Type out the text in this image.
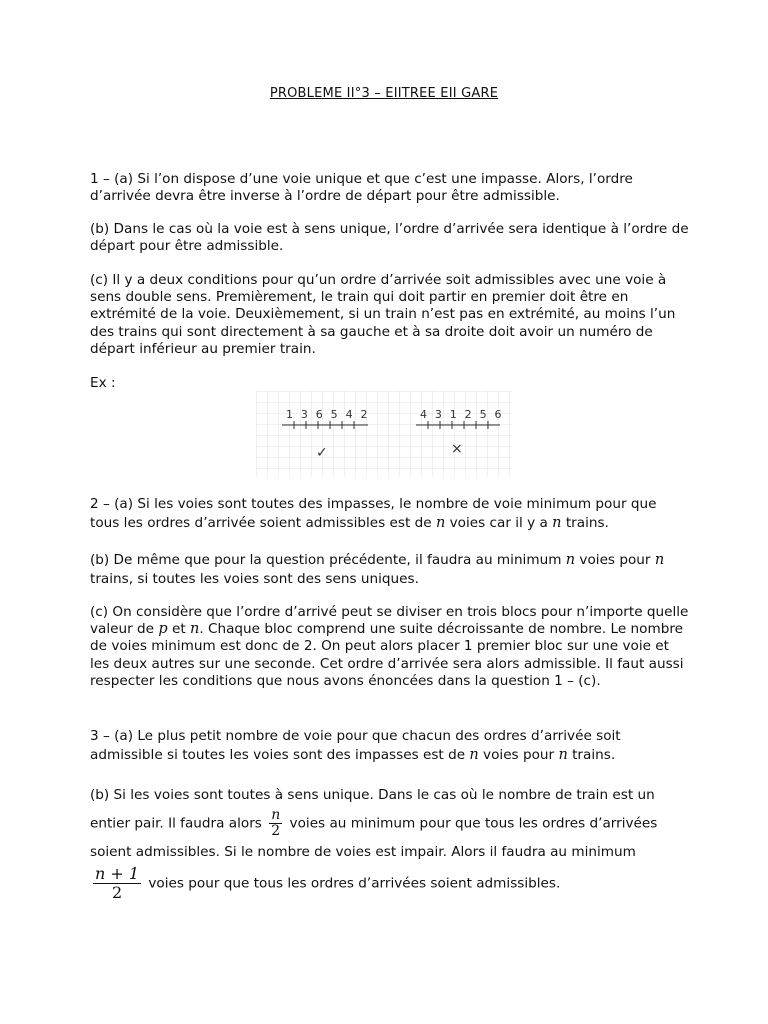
PROBLEME II°3 – EIITREE EII GARE

1 – (a) Si l’on dispose d’une voie unique et que c’est une impasse. Alors, l’ordre d’arrivée devra être inverse à l’ordre de départ pour être admissible.

(b) Dans le cas où la voie est à sens unique, l’ordre d’arrivée sera identique à l’ordre de départ pour être admissible.

(c) Il y a deux conditions pour qu’un ordre d’arrivée soit admissibles avec une voie à sens double sens. Premièrement, le train qui doit partir en premier doit être en extrémité de la voie. Deuxièmement, si un train n’est pas en extrémité, au moins l’un des trains qui sont directement à sa gauche et à sa droite doit avoir un numéro de départ inférieur au premier train.

Ex :

1 3 6 5 4 2
✓
4 3 1 2 5 6
×

2 – (a) Si les voies sont toutes des impasses, le nombre de voie minimum pour que tous les ordres d’arrivée soient admissibles est de n voies car il y a n trains.

(b) De même que pour la question précédente, il faudra au minimum n voies pour n trains, si toutes les voies sont des sens uniques.

(c) On considère que l’ordre d’arrivé peut se diviser en trois blocs pour n’importe quelle valeur de p et n. Chaque bloc comprend une suite décroissante de nombre. Le nombre de voies minimum est donc de 2. On peut alors placer 1 premier bloc sur une voie et les deux autres sur une seconde. Cet ordre d’arrivée sera alors admissible. Il faut aussi respecter les conditions que nous avons énoncées dans la question 1 – (c).

3 – (a) Le plus petit nombre de voie pour que chacun des ordres d’arrivée soit admissible si toutes les voies sont des impasses est de n voies pour n trains.

(b) Si les voies sont toutes à sens unique. Dans le cas où le nombre de train est un entier pair. Il faudra alors $\frac{n}{2}$ voies au minimum pour que tous les ordres d’arrivées soient admissibles. Si le nombre de voies est impair. Alors il faudra au minimum
$\frac{n + 1}{2}$ voies pour que tous les ordres d’arrivées soient admissibles.
